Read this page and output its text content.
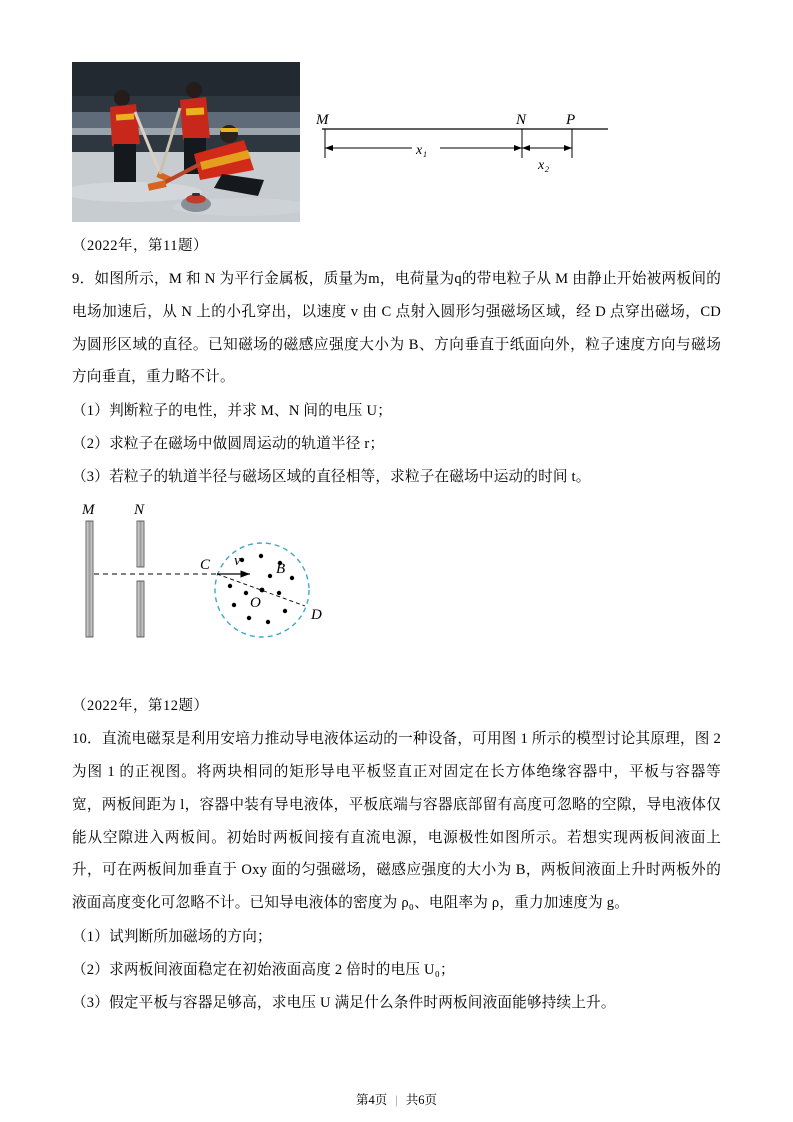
M	N	P
x₁
x₂
（2022年，第11题）
9．如图所示，M 和 N 为平行金属板，质量为m，电荷量为q的带电粒子从 M 由静止开始被两板间的电场加速后，从 N 上的小孔穿出，以速度 v 由 C 点射入圆形匀强磁场区域，经 D 点穿出磁场，CD 为圆形区域的直径。已知磁场的磁感应强度大小为 B、方向垂直于纸面向外，粒子速度方向与磁场方向垂直，重力略不计。
（1）判断粒子的电性，并求 M、N 间的电压 U；
（2）求粒子在磁场中做圆周运动的轨道半径 r；
（3）若粒子的轨道半径与磁场区域的直径相等，求粒子在磁场中运动的时间 t。
M	N
C v B
O
D
（2022年，第12题）
10．直流电磁泵是利用安培力推动导电液体运动的一种设备，可用图 1 所示的模型讨论其原理，图 2 为图 1 的正视图。将两块相同的矩形导电平板竖直正对固定在长方体绝缘容器中，平板与容器等宽，两板间距为 l，容器中装有导电液体，平板底端与容器底部留有高度可忽略的空隙，导电液体仅能从空隙进入两板间。初始时两板间接有直流电源，电源极性如图所示。若想实现两板间液面上升，可在两板间加垂直于 Oxy 面的匀强磁场，磁感应强度的大小为 B，两板间液面上升时两板外的液面高度变化可忽略不计。已知导电液体的密度为 ρ₀、电阻率为 ρ，重力加速度为 g。
（1）试判断所加磁场的方向；
（2）求两板间液面稳定在初始液面高度 2 倍时的电压 U₀；
（3）假定平板与容器足够高，求电压 U 满足什么条件时两板间液面能够持续上升。
第4页 | 共6页
